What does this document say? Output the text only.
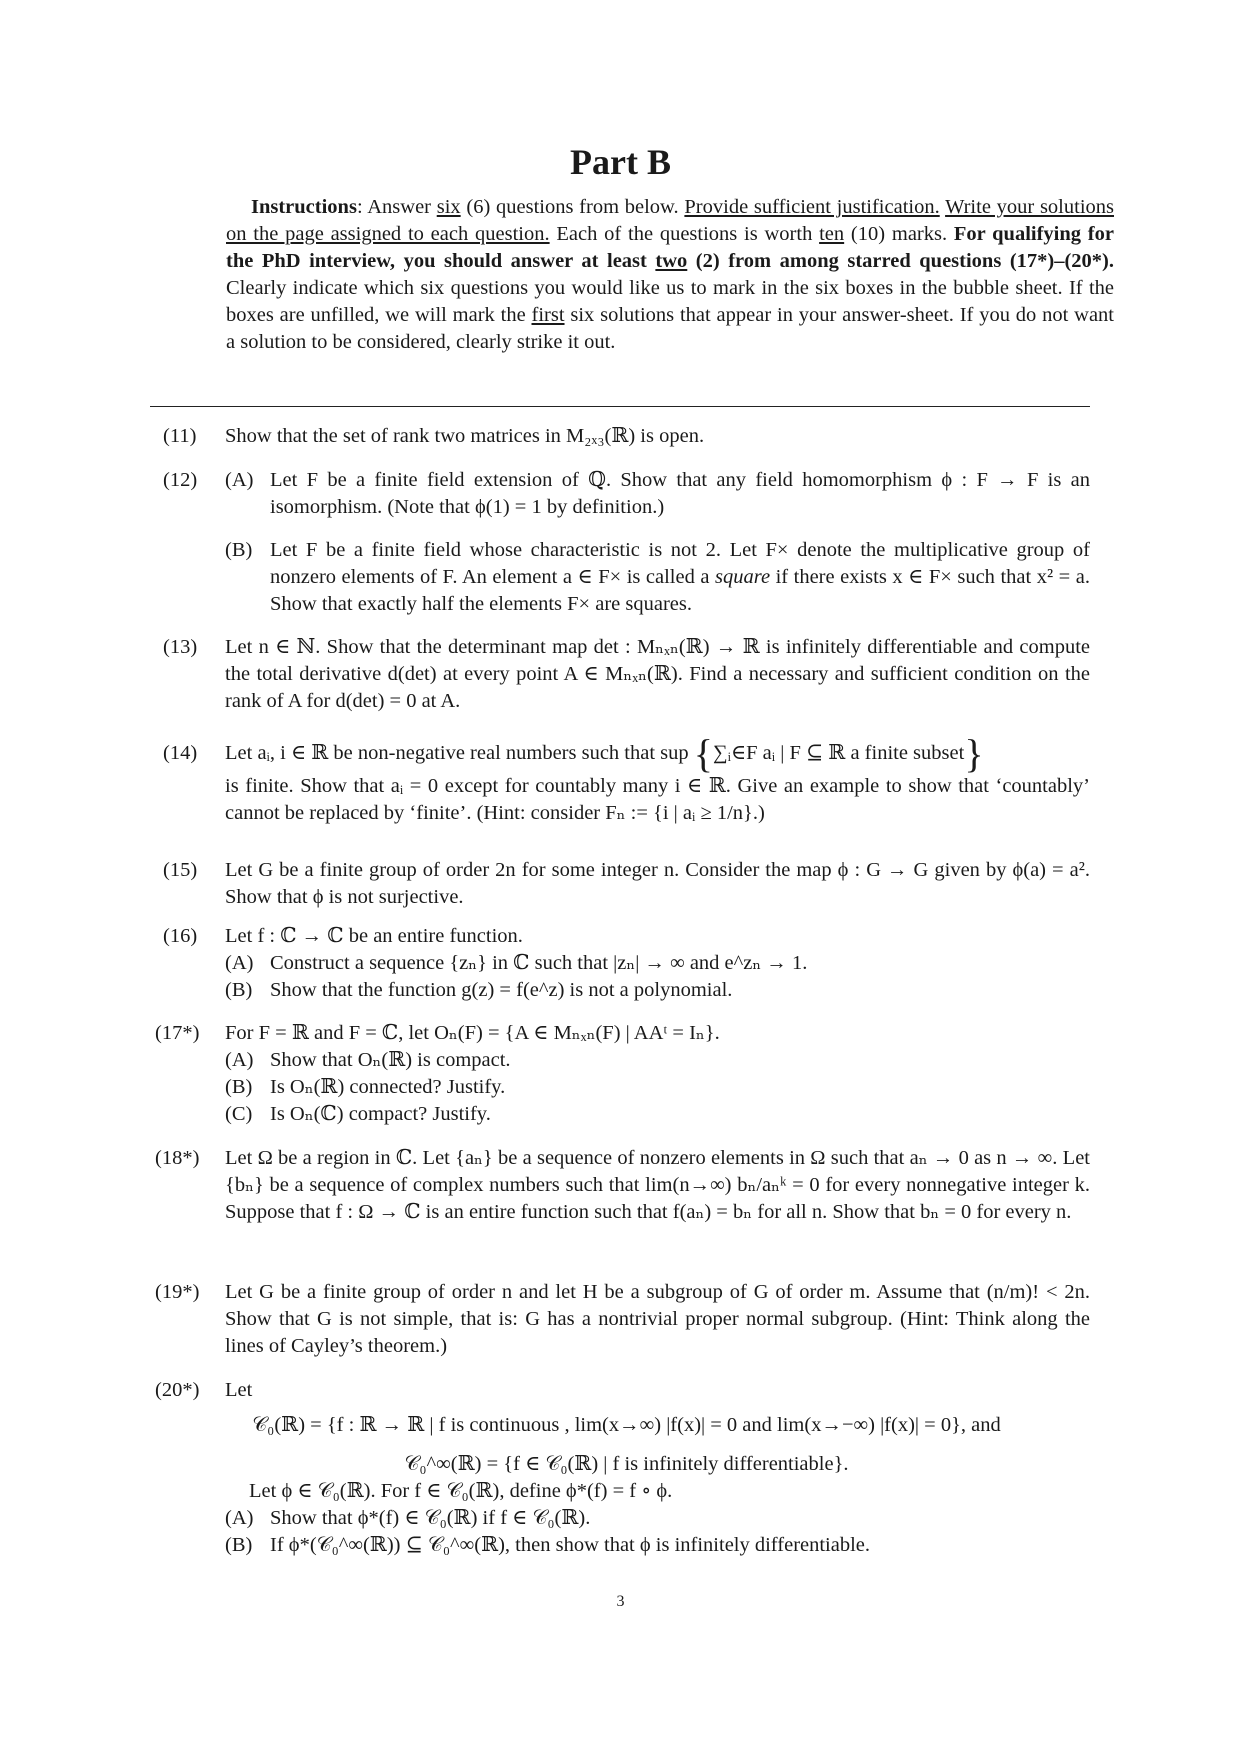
Part B

Instructions: Answer six (6) questions from below. Provide sufficient justification. Write your solutions on the page assigned to each question. Each of the questions is worth ten (10) marks. For qualifying for the PhD interview, you should answer at least two (2) from among starred questions (17*)–(20*). Clearly indicate which six questions you would like us to mark in the six boxes in the bubble sheet. If the boxes are unfilled, we will mark the first six solutions that appear in your answer-sheet. If you do not want a solution to be considered, clearly strike it out.

(11)	Show that the set of rank two matrices in M₂ₓ₃(ℝ) is open.
(12)	(A) Let F be a finite field extension of ℚ. Show that any field homomorphism ϕ : F → F is an isomorphism. (Note that ϕ(1) = 1 by definition.)
(B) Let F be a finite field whose characteristic is not 2. Let F× denote the multiplicative group of nonzero elements of F. An element a ∈ F× is called a square if there exists x ∈ F× such that x² = a. Show that exactly half the elements F× are squares.
(13)	Let n ∈ ℕ. Show that the determinant map det : Mₙₓₙ(ℝ) → ℝ is infinitely differentiable and compute the total derivative d(det) at every point A ∈ Mₙₓₙ(ℝ). Find a necessary and sufficient condition on the rank of A for d(det) = 0 at A.
(14)	Let aᵢ, i ∈ ℝ be non-negative real numbers such that sup {∑ᵢ∈F aᵢ | F ⊆ ℝ a finite subset}
is finite. Show that aᵢ = 0 except for countably many i ∈ ℝ. Give an example to show that ‘countably’ cannot be replaced by ‘finite’. (Hint: consider Fₙ := {i | aᵢ ≥ 1/n}.)
(15)	Let G be a finite group of order 2n for some integer n. Consider the map ϕ : G → G given by ϕ(a) = a². Show that ϕ is not surjective.
(16)	Let f : ℂ → ℂ be an entire function.
(A) Construct a sequence {zₙ} in ℂ such that |zₙ| → ∞ and e^zₙ → 1.
(B) Show that the function g(z) = f(e^z) is not a polynomial.
(17*)	For F = ℝ and F = ℂ, let Oₙ(F) = {A ∈ Mₙₓₙ(F) | AAᵗ = Iₙ}.
(A) Show that Oₙ(ℝ) is compact.
(B) Is Oₙ(ℝ) connected? Justify.
(C) Is Oₙ(ℂ) compact? Justify.
(18*)	Let Ω be a region in ℂ. Let {aₙ} be a sequence of nonzero elements in Ω such that aₙ → 0 as n → ∞. Let {bₙ} be a sequence of complex numbers such that lim(n→∞) bₙ/aₙᵏ = 0 for every nonnegative integer k. Suppose that f : Ω → ℂ is an entire function such that f(aₙ) = bₙ for all n. Show that bₙ = 0 for every n.
(19*)	Let G be a finite group of order n and let H be a subgroup of G of order m. Assume that (n/m)! < 2n. Show that G is not simple, that is: G has a nontrivial proper normal subgroup. (Hint: Think along the lines of Cayley’s theorem.)
(20*)	Let
𝒞₀(ℝ) = {f : ℝ → ℝ | f is continuous , lim(x→∞) |f(x)| = 0 and lim(x→−∞) |f(x)| = 0}, and
𝒞₀^∞(ℝ) = {f ∈ 𝒞₀(ℝ) | f is infinitely differentiable}.
Let ϕ ∈ 𝒞₀(ℝ). For f ∈ 𝒞₀(ℝ), define ϕ*(f) = f ∘ ϕ.
(A) Show that ϕ*(f) ∈ 𝒞₀(ℝ) if f ∈ 𝒞₀(ℝ).
(B) If ϕ*(𝒞₀^∞(ℝ)) ⊆ 𝒞₀^∞(ℝ), then show that ϕ is infinitely differentiable.
3
